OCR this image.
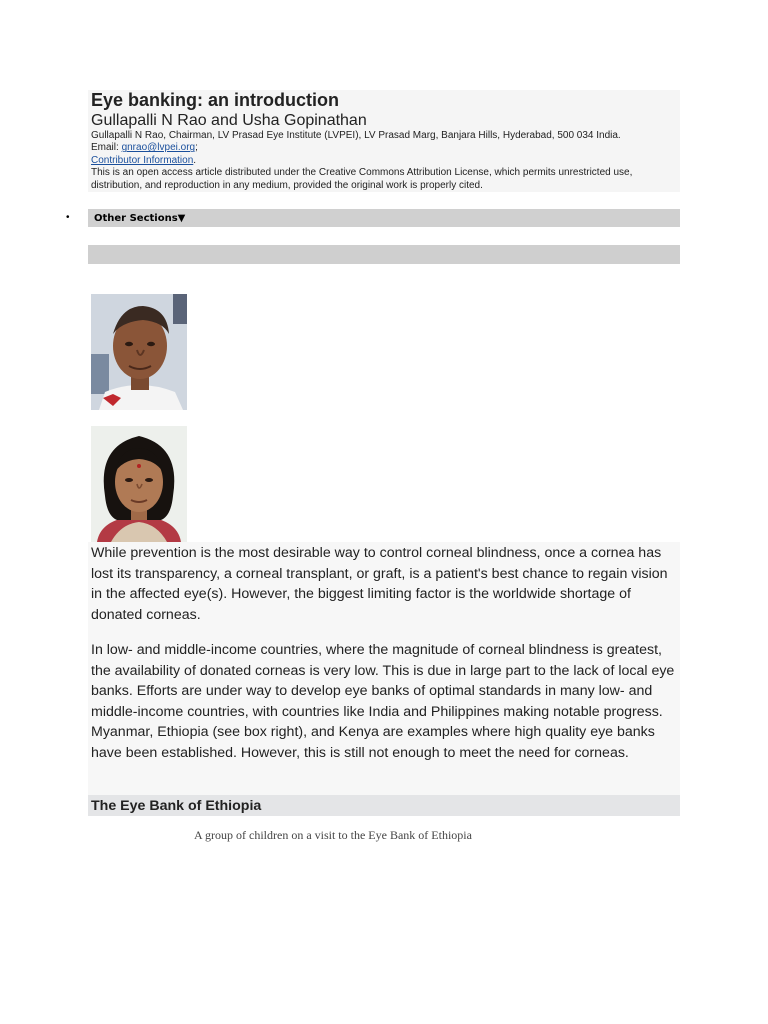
Eye banking: an introduction
Gullapalli N Rao and Usha Gopinathan
Gullapalli N Rao, Chairman, LV Prasad Eye Institute (LVPEI), LV Prasad Marg, Banjara Hills, Hyderabad, 500 034 India.
Email: gnrao@lvpei.org;
Contributor Information.
This is an open access article distributed under the Creative Commons Attribution License, which permits unrestricted use, distribution, and reproduction in any medium, provided the original work is properly cited.
• Other Sections▼

While prevention is the most desirable way to control corneal blindness, once a cornea has lost its transparency, a corneal transplant, or graft, is a patient's best chance to regain vision in the affected eye(s). However, the biggest limiting factor is the worldwide shortage of donated corneas.

In low- and middle-income countries, where the magnitude of corneal blindness is greatest, the availability of donated corneas is very low. This is due in large part to the lack of local eye banks. Efforts are under way to develop eye banks of optimal standards in many low- and middle-income countries, with countries like India and Philippines making notable progress. Myanmar, Ethiopia (see box right), and Kenya are examples where high quality eye banks have been established. However, this is still not enough to meet the need for corneas.

The Eye Bank of Ethiopia
A group of children on a visit to the Eye Bank of Ethiopia
